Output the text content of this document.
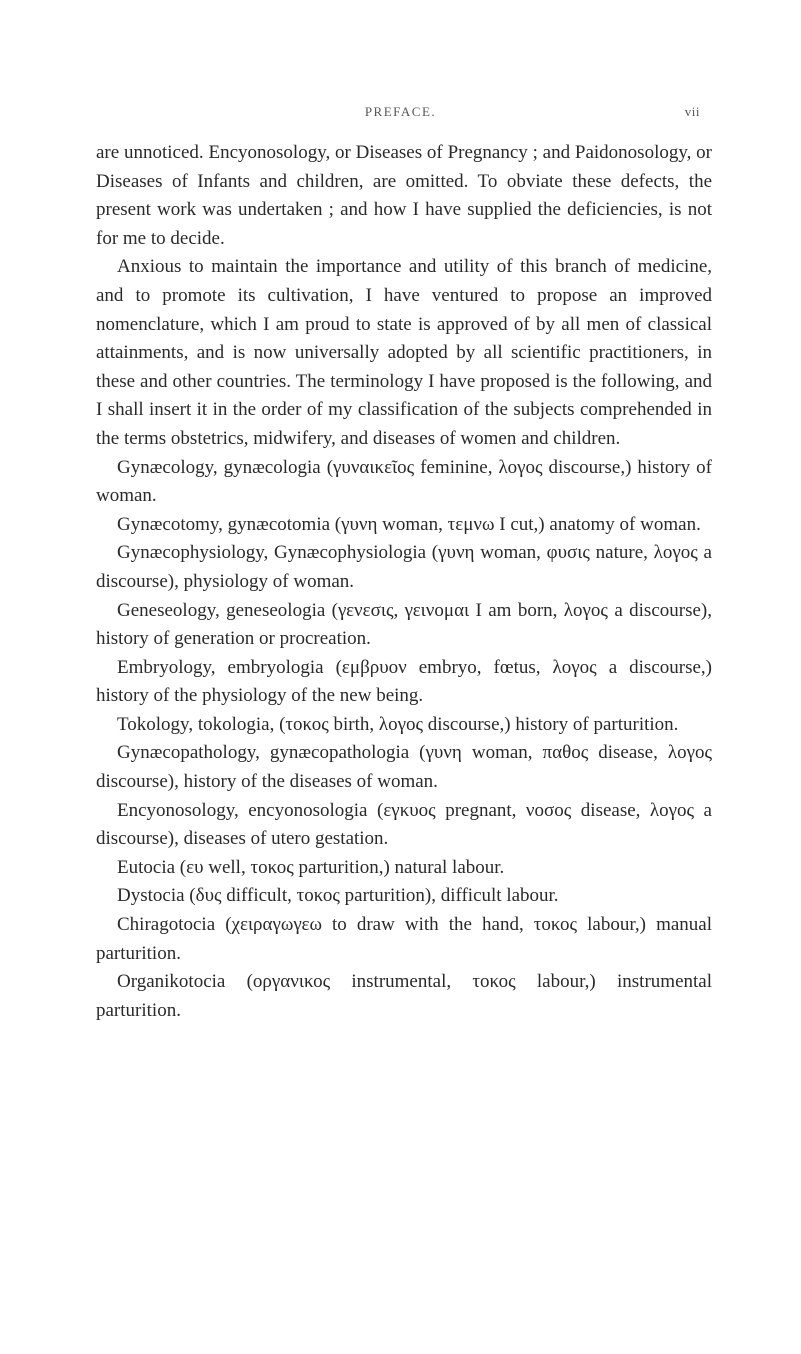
PREFACE.	vii

are unnoticed. Encyonosology, or Diseases of Pregnancy ; and Paidonosology, or Diseases of Infants and children, are omitted. To obviate these defects, the present work was undertaken ; and how I have supplied the deficiencies, is not for me to decide.

Anxious to maintain the importance and utility of this branch of medicine, and to promote its cultivation, I have ventured to propose an improved nomenclature, which I am proud to state is approved of by all men of classical attainments, and is now universally adopted by all scientific practitioners, in these and other countries. The terminology I have proposed is the following, and I shall insert it in the order of my classification of the subjects comprehended in the terms obstetrics, midwifery, and diseases of women and children.

Gynæcology, gynæcologia (γυναικεῖος feminine, λογος discourse,) history of woman.

Gynæcotomy, gynæcotomia (γυνη woman, τεμνω I cut,) anatomy of woman.

Gynæcophysiology, Gynæcophysiologia (γυνη woman, φυσις nature, λογος a discourse), physiology of woman.

Geneseology, geneseologia (γενεσις, γεινομαι I am born, λογος a discourse), history of generation or procreation.

Embryology, embryologia (εμβρυον embryo, fœtus, λογος a discourse,) history of the physiology of the new being.

Tokology, tokologia, (τοκος birth, λογος discourse,) history of parturition.

Gynæcopathology, gynæcopathologia (γυνη woman, παθος disease, λογος discourse), history of the diseases of woman.

Encyonosology, encyonosologia (εγκυος pregnant, νοσος disease, λογος a discourse), diseases of utero gestation.

Eutocia (ευ well, τοκος parturition,) natural labour.

Dystocia (δυς difficult, τοκος parturition), difficult labour.

Chiragotocia (χειραγωγεω to draw with the hand, τοκος labour,) manual parturition.

Organikotocia (οργανικος instrumental, τοκος labour,) instrumental parturition.
